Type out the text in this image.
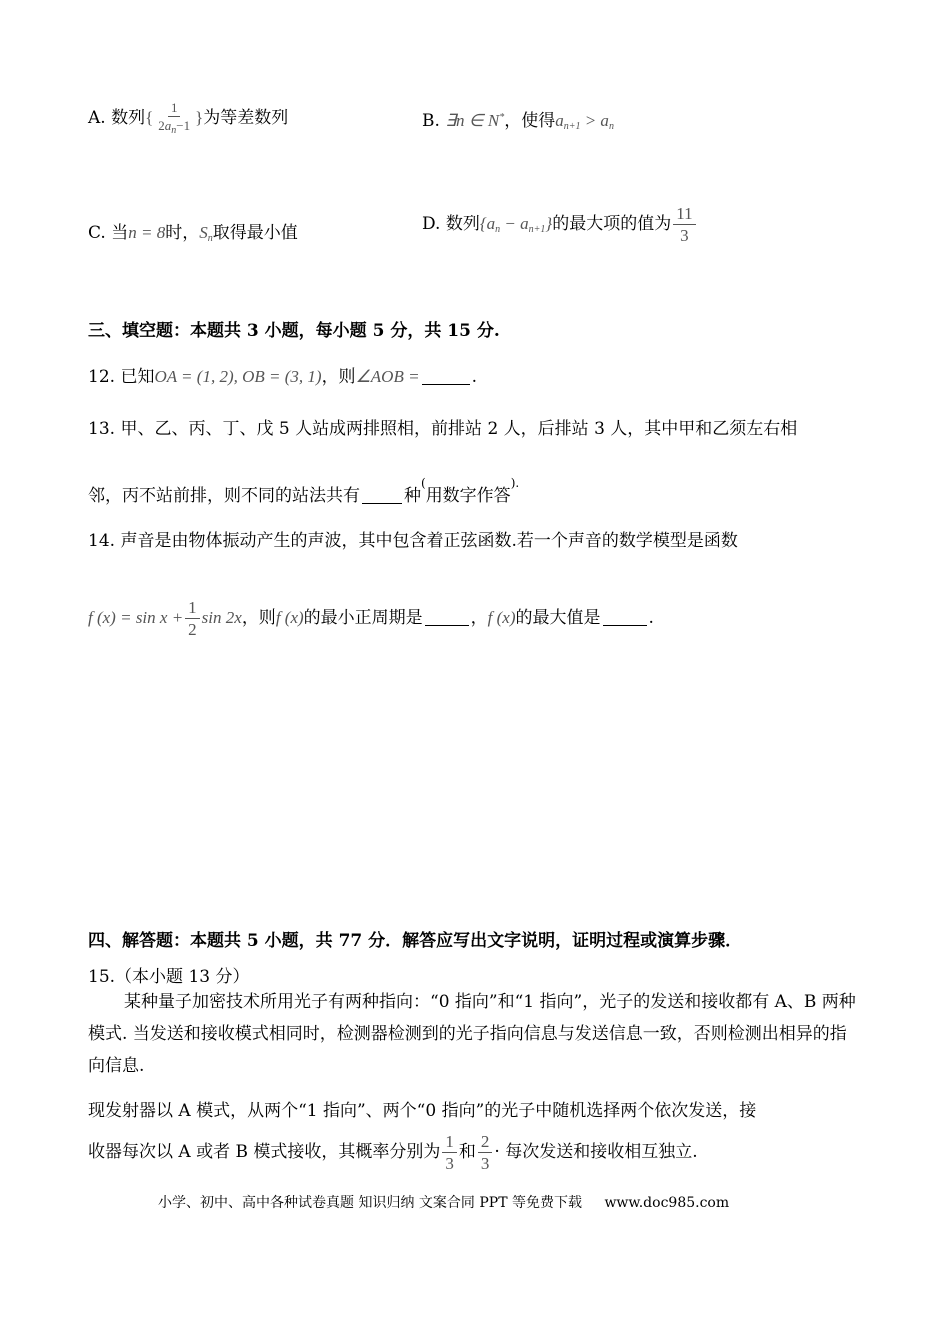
A. 数列{ $\frac{1}{2a_n-1}$ }为等差数列	B. ∃n ∈ N*，使得$a_{n+1} > a_n$
C. 当n = 8时，$S_n$取得最小值	D. 数列$\{a_n - a_{n+1}\}$的最大项的值为 $\frac{11}{3}$
三、填空题：本题共 3 小题，每小题 5 分，共 15 分.
12. 已知OA = (1, 2), OB = (3, 1)，则∠AOB =	.
13. 甲、乙、丙、丁、戊 5 人站成两排照相，前排站 2 人，后排站 3 人，其中甲和乙须左右相
邻，丙不站前排，则不同的站法共有	种(用数字作答).
14. 声音是由物体振动产生的声波，其中包含着正弦函数.若一个声音的数学模型是函数
f $(x) = \sin x + \frac{1}{2}$ sin 2x，则f (x)的最小正周期是	，f (x)的最大值是	.
四、解答题：本题共 5 小题，共 77 分．解答应写出文字说明，证明过程或演算步骤．
15.（本小题 13 分）
某种量子加密技术所用光子有两种指向：“0 指向”和“1 指向”，光子的发送和接收都有 A、B 两种模式. 当发送和接收模式相同时，检测器检测到的光子指向信息与发送信息一致，否则检测出相异的指向信息.
现发射器以 A 模式，从两个“1 指向”、两个“0 指向”的光子中随机选择两个依次发送，接
收器每次以 A 或者 B 模式接收，其概率分别为 $\frac{1}{3}$ 和 $\frac{2}{3}$ · 每次发送和接收相互独立.
小学、初中、高中各种试卷真题 知识归纳 文案合同 PPT 等免费下载 www.doc985.com
